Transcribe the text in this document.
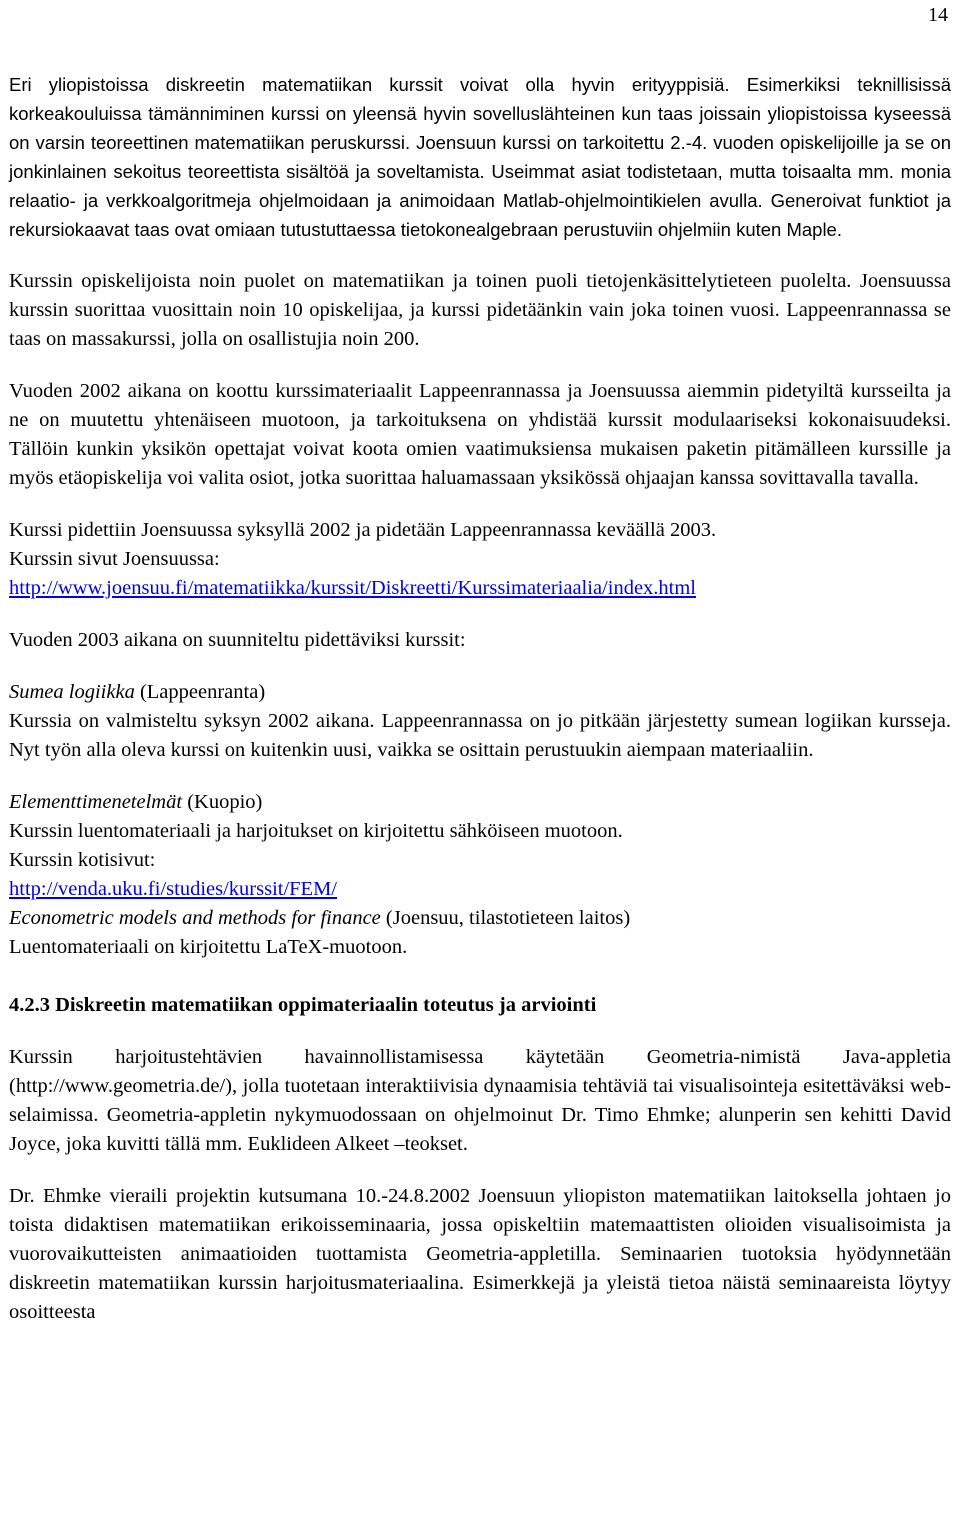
14

Eri yliopistoissa diskreetin matematiikan kurssit voivat olla hyvin erityyppisiä. Esimerkiksi teknillisissä korkeakouluissa tämänniminen kurssi on yleensä hyvin sovelluslähteinen kun taas joissain yliopistoissa kyseessä on varsin teoreettinen matematiikan peruskurssi. Joensuun kurssi on tarkoitettu 2.-4. vuoden opiskelijoille ja se on jonkinlainen sekoitus teoreettista sisältöä ja soveltamista. Useimmat asiat todistetaan, mutta toisaalta mm. monia relaatio- ja verkkoalgoritmeja ohjelmoidaan ja animoidaan Matlab-ohjelmointikielen avulla. Generoivat funktiot ja rekursiokaavat taas ovat omiaan tutustuttaessa tietokonealgebraan perustuviin ohjelmiin kuten Maple.

Kurssin opiskelijoista noin puolet on matematiikan ja toinen puoli tietojenkäsittelytieteen puolelta. Joensuussa kurssin suorittaa vuosittain noin 10 opiskelijaa, ja kurssi pidetäänkin vain joka toinen vuosi. Lappeenrannassa se taas on massakurssi, jolla on osallistujia noin 200.

Vuoden 2002 aikana on koottu kurssimateriaalit Lappeenrannassa ja Joensuussa aiemmin pidetyiltä kursseilta ja ne on muutettu yhtenäiseen muotoon, ja tarkoituksena on yhdistää kurssit modulaariseksi kokonaisuudeksi. Tällöin kunkin yksikön opettajat voivat koota omien vaatimuksiensa mukaisen paketin pitämälleen kurssille ja myös etäopiskelija voi valita osiot, jotka suorittaa haluamassaan yksikössä ohjaajan kanssa sovittavalla tavalla.

Kurssi pidettiin Joensuussa syksyllä 2002 ja pidetään Lappeenrannassa keväällä 2003.

Kurssin sivut Joensuussa:

http://www.joensuu.fi/matematiikka/kurssit/Diskreetti/Kurssimateriaalia/index.html

Vuoden 2003 aikana on suunniteltu pidettäviksi kurssit:

Sumea logiikka (Lappeenranta)

Kurssia on valmisteltu syksyn 2002 aikana. Lappeenrannassa on jo pitkään järjestetty sumean logiikan kursseja. Nyt työn alla oleva kurssi on kuitenkin uusi, vaikka se osittain perustuukin aiempaan materiaaliin.

Elementtimenetelmät (Kuopio)

Kurssin luentomateriaali ja harjoitukset on kirjoitettu sähköiseen muotoon.

Kurssin kotisivut:

http://venda.uku.fi/studies/kurssit/FEM/

Econometric models and methods for finance (Joensuu, tilastotieteen laitos)

Luentomateriaali on kirjoitettu LaTeX-muotoon.

4.2.3 Diskreetin matematiikan oppimateriaalin toteutus ja arviointi

Kurssin harjoitustehtävien havainnollistamisessa käytetään Geometria-nimistä Java-appletia (http://www.geometria.de/), jolla tuotetaan interaktiivisia dynaamisia tehtäviä tai visualisointeja esitettäväksi web-selaimissa. Geometria-appletin nykymuodossaan on ohjelmoinut Dr. Timo Ehmke; alunperin sen kehitti David Joyce, joka kuvitti tällä mm. Euklideen Alkeet –teokset.

Dr. Ehmke vieraili projektin kutsumana 10.-24.8.2002 Joensuun yliopiston matematiikan laitoksella johtaen jo toista didaktisen matematiikan erikoisseminaaria, jossa opiskeltiin matemaattisten olioiden visualisoimista ja vuorovaikutteisten animaatioiden tuottamista Geometria-appletilla. Seminaarien tuotoksia hyödynnetään diskreetin matematiikan kurssin harjoitusmateriaalina. Esimerkkejä ja yleistä tietoa näistä seminaareista löytyy osoitteesta
